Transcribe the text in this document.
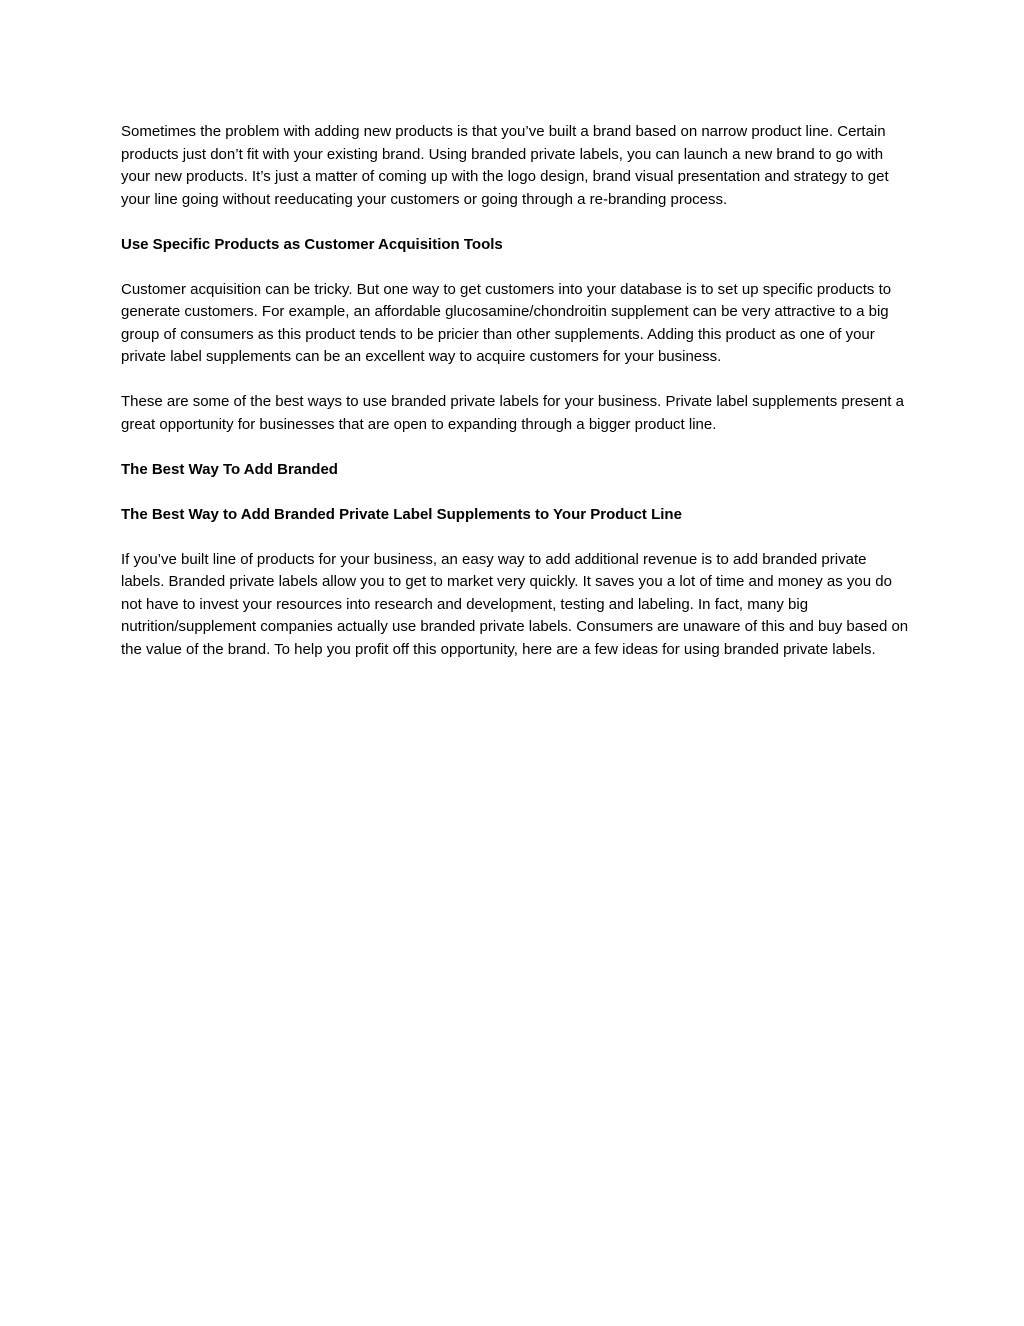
Sometimes the problem with adding new products is that you’ve built a brand based on narrow product line. Certain products just don’t fit with your existing brand. Using branded private labels, you can launch a new brand to go with your new products. It’s just a matter of coming up with the logo design, brand visual presentation and strategy to get your line going without reeducating your customers or going through a re-branding process.

Use Specific Products as Customer Acquisition Tools

Customer acquisition can be tricky. But one way to get customers into your database is to set up specific products to generate customers. For example, an affordable glucosamine/chondroitin supplement can be very attractive to a big group of consumers as this product tends to be pricier than other supplements. Adding this product as one of your private label supplements can be an excellent way to acquire customers for your business.

These are some of the best ways to use branded private labels for your business. Private label supplements present a great opportunity for businesses that are open to expanding through a bigger product line.

The Best Way To Add Branded

The Best Way to Add Branded Private Label Supplements to Your Product Line

If you’ve built line of products for your business, an easy way to add additional revenue is to add branded private labels. Branded private labels allow you to get to market very quickly. It saves you a lot of time and money as you do not have to invest your resources into research and development, testing and labeling. In fact, many big nutrition/supplement companies actually use branded private labels. Consumers are unaware of this and buy based on the value of the brand. To help you profit off this opportunity, here are a few ideas for using branded private labels.
